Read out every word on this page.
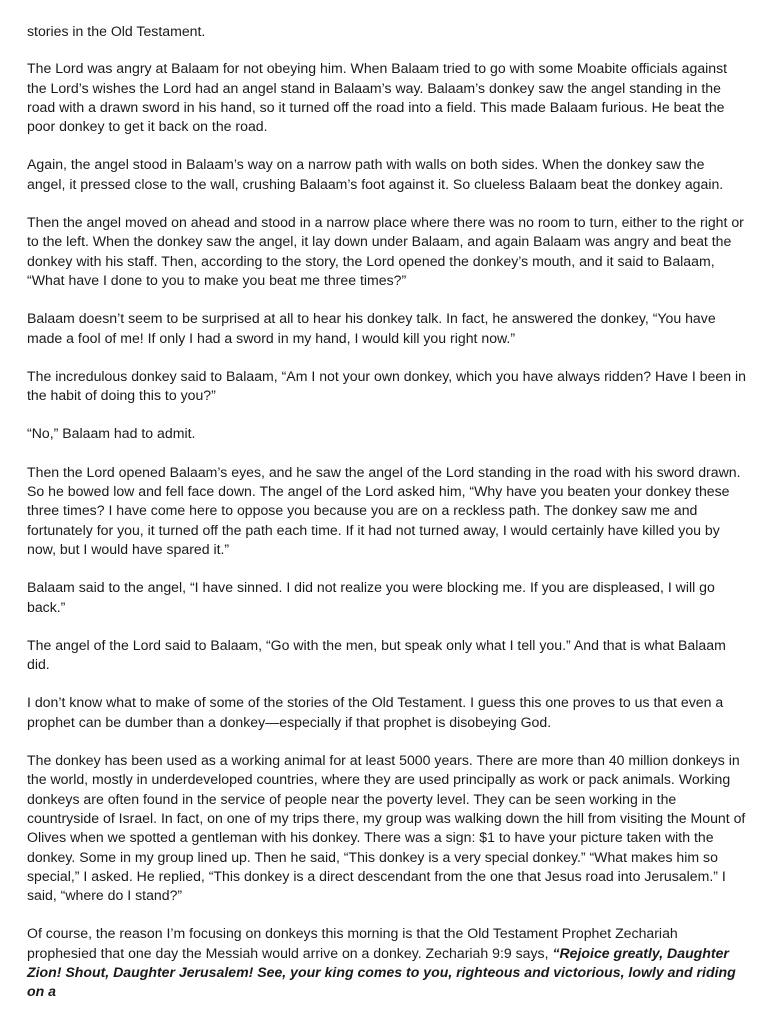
stories in the Old Testament.

The Lord was angry at Balaam for not obeying him. When Balaam tried to go with some Moabite officials against the Lord’s wishes the Lord had an angel stand in Balaam’s way. Balaam’s donkey saw the angel standing in the road with a drawn sword in his hand, so it turned off the road into a field. This made Balaam furious. He beat the poor donkey to get it back on the road.

Again, the angel stood in Balaam’s way on a narrow path with walls on both sides. When the donkey saw the angel, it pressed close to the wall, crushing Balaam’s foot against it. So clueless Balaam beat the donkey again.

Then the angel moved on ahead and stood in a narrow place where there was no room to turn, either to the right or to the left. When the donkey saw the angel, it lay down under Balaam, and again Balaam was angry and beat the donkey with his staff. Then, according to the story, the Lord opened the donkey’s mouth, and it said to Balaam, “What have I done to you to make you beat me three times?”

Balaam doesn’t seem to be surprised at all to hear his donkey talk. In fact, he answered the donkey, “You have made a fool of me! If only I had a sword in my hand, I would kill you right now.”

The incredulous donkey said to Balaam, “Am I not your own donkey, which you have always ridden? Have I been in the habit of doing this to you?”

“No,” Balaam had to admit.

Then the Lord opened Balaam’s eyes, and he saw the angel of the Lord standing in the road with his sword drawn. So he bowed low and fell face down. The angel of the Lord asked him, “Why have you beaten your donkey these three times? I have come here to oppose you because you are on a reckless path. The donkey saw me and fortunately for you, it turned off the path each time. If it had not turned away, I would certainly have killed you by now, but I would have spared it.”

Balaam said to the angel, “I have sinned. I did not realize you were blocking me. If you are displeased, I will go back.”

The angel of the Lord said to Balaam, “Go with the men, but speak only what I tell you.” And that is what Balaam did.

I don’t know what to make of some of the stories of the Old Testament. I guess this one proves to us that even a prophet can be dumber than a donkey—especially if that prophet is disobeying God.

The donkey has been used as a working animal for at least 5000 years. There are more than 40 million donkeys in the world, mostly in underdeveloped countries, where they are used principally as work or pack animals. Working donkeys are often found in the service of people near the poverty level. They can be seen working in the countryside of Israel. In fact, on one of my trips there, my group was walking down the hill from visiting the Mount of Olives when we spotted a gentleman with his donkey. There was a sign: $1 to have your picture taken with the donkey. Some in my group lined up. Then he said, “This donkey is a very special donkey.” “What makes him so special,” I asked. He replied, “This donkey is a direct descendant from the one that Jesus road into Jerusalem.” I said, “where do I stand?”

Of course, the reason I’m focusing on donkeys this morning is that the Old Testament Prophet Zechariah prophesied that one day the Messiah would arrive on a donkey. Zechariah 9:9 says, “Rejoice greatly, Daughter Zion! Shout, Daughter Jerusalem! See, your king comes to you, righteous and victorious, lowly and riding on a
